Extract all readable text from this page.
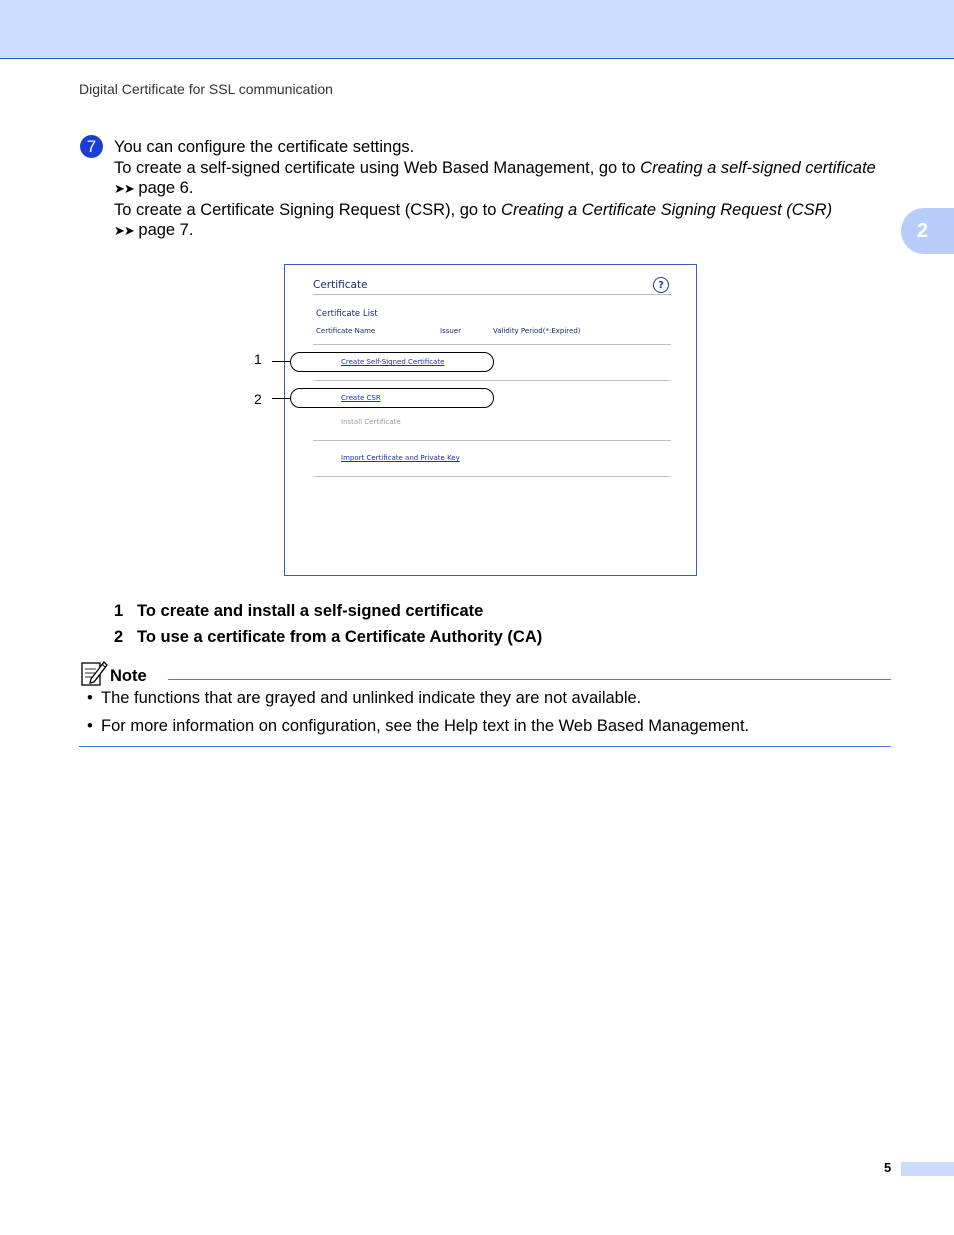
Digital Certificate for SSL communication
2
7	You can configure the certificate settings.

To create a self-signed certificate using Web Based Management, go to Creating a self-signed certificate

➤➤ page 6.

To create a Certificate Signing Request (CSR), go to Creating a Certificate Signing Request (CSR)

➤➤ page 7.

Certificate	?
Certificate List
Certificate Name	Issuer	Validity Period(*:Expired)
Create Self-Signed Certificate
Create CSR
Install Certificate
Import Certificate and Private Key
1
2
1 To create and install a self-signed certificate
2 To use a certificate from a Certificate Authority (CA)
Note
• The functions that are grayed and unlinked indicate they are not available.
• For more information on configuration, see the Help text in the Web Based Management.
5
